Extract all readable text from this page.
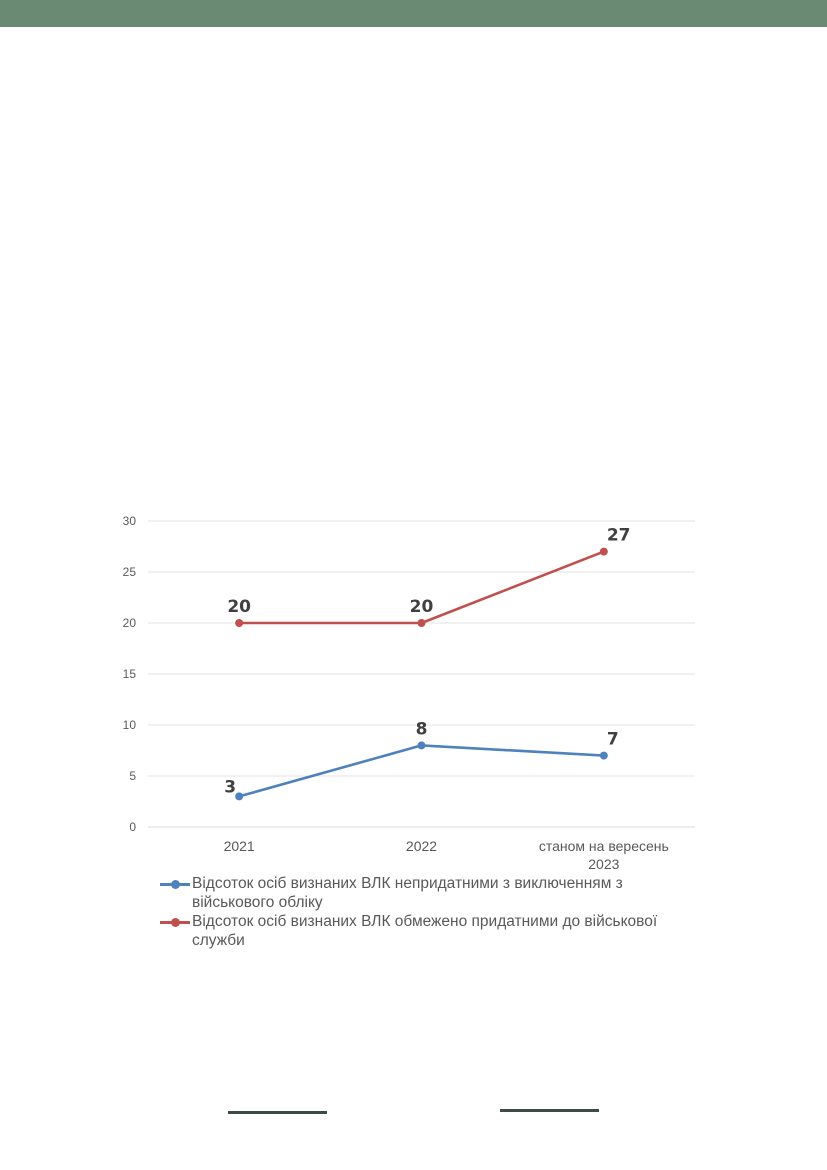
0
5
10
15
20
25
30
2021	2022	станом на вересень
2023
3
8
7
20	20
27
Відсоток осіб визнаних ВЛК непридатними з виключенням з
військового обліку
Відсоток осіб визнаних ВЛК обмежено придатними до військової
служби
